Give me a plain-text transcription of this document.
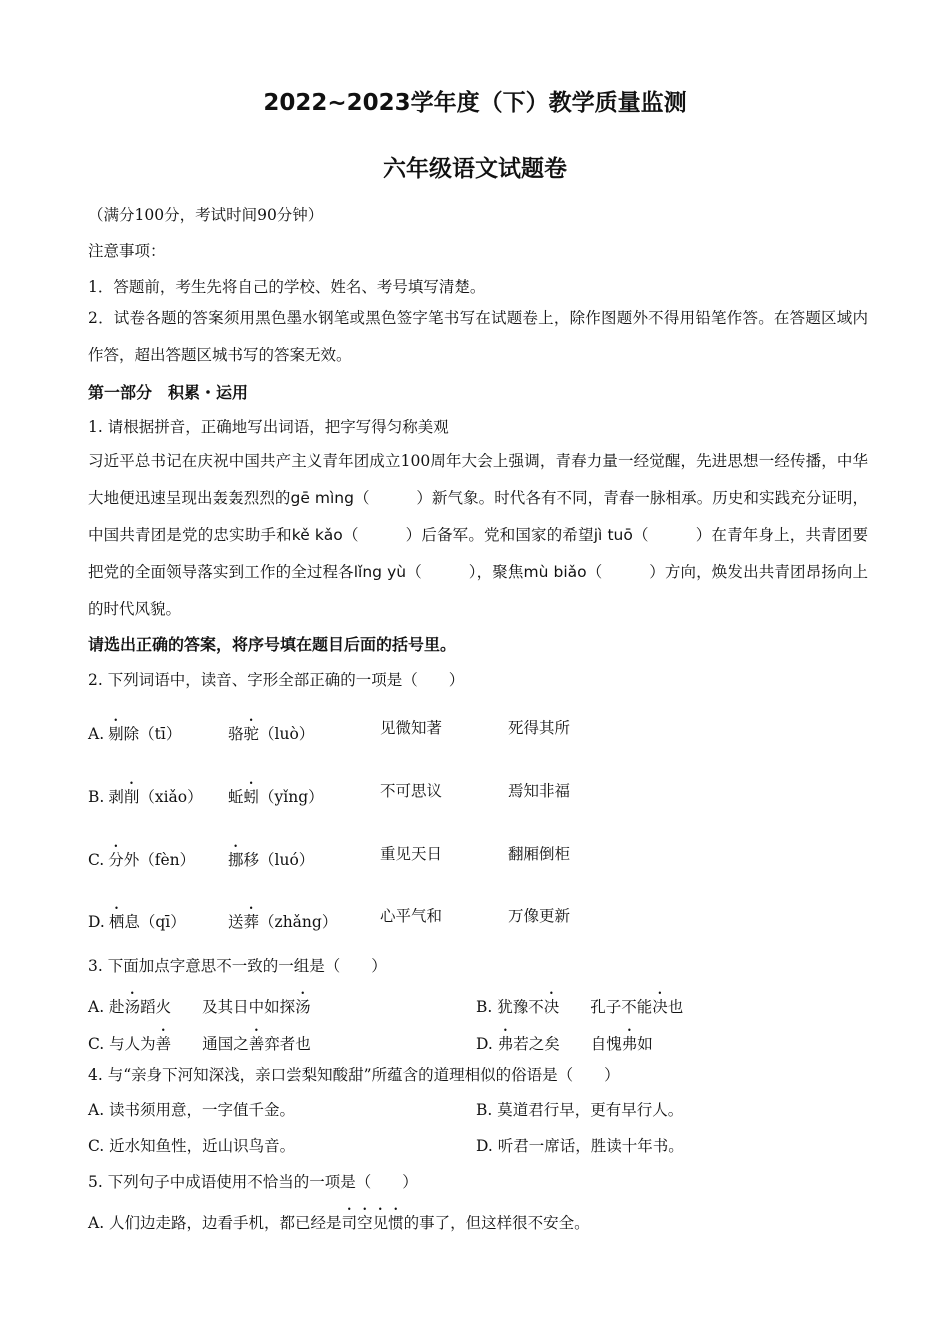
2022~2023学年度（下）教学质量监测
六年级语文试题卷
（满分100分，考试时间90分钟）
注意事项：
1．答题前，考生先将自己的学校、姓名、考号填写清楚。
2．试卷各题的答案须用黑色墨水钢笔或黑色签字笔书写在试题卷上，除作图题外不得用铅笔作答。在答题区域内作答，超出答题区城书写的答案无效。
第一部分　积累・运用
1. 请根据拼音，正确地写出词语，把字写得匀称美观
习近平总书记在庆祝中国共产主义青年团成立100周年大会上强调，青春力量一经觉醒，先进思想一经传播，中华大地便迅速呈现出轰轰烈烈的gē mìng（　　　）新气象。时代各有不同，青春一脉相承。历史和实践充分证明，中国共青团是党的忠实助手和kě kǎo（　　　）后备军。党和国家的希望jì tuō（　　　）在青年身上，共青团要把党的全面领导落实到工作的全过程各lǐng yù（　　　），聚焦mù biǎo（　　　）方向，焕发出共青团昂扬向上的时代风貌。
请选出正确的答案，将序号填在题目后面的括号里。
2. 下列词语中，读音、字形全部正确的一项是（　　）
A. 剔除（tī）	骆驼（luò）	见微知著	死得其所
B. 剥削（xiǎo） 蚯蚓（yǐng）	不可思议	焉知非福
C. 分外（fèn） 挪移（luó）	重见天日	翻厢倒柜
D. 栖息（qī）	送葬（zhǎng）	心平气和	万像更新
3. 下面加点字意思不一致的一组是（　　）
A. 赴汤蹈火　　及其日中如探汤	B. 犹豫不决　　孔子不能决也
C. 与人为善　　通国之善弈者也	D. 弗若之矣　　自愧弗如
4. 与“亲身下河知深浅，亲口尝梨知酸甜”所蕴含的道理相似的俗语是（　　）
A. 读书须用意，一字值千金。	B. 莫道君行早，更有早行人。
C. 近水知鱼性，近山识鸟音。	D. 听君一席话，胜读十年书。
5. 下列句子中成语使用不恰当的一项是（　　）
A. 人们边走路，边看手机，都已经是司空见惯的事了，但这样很不安全。
